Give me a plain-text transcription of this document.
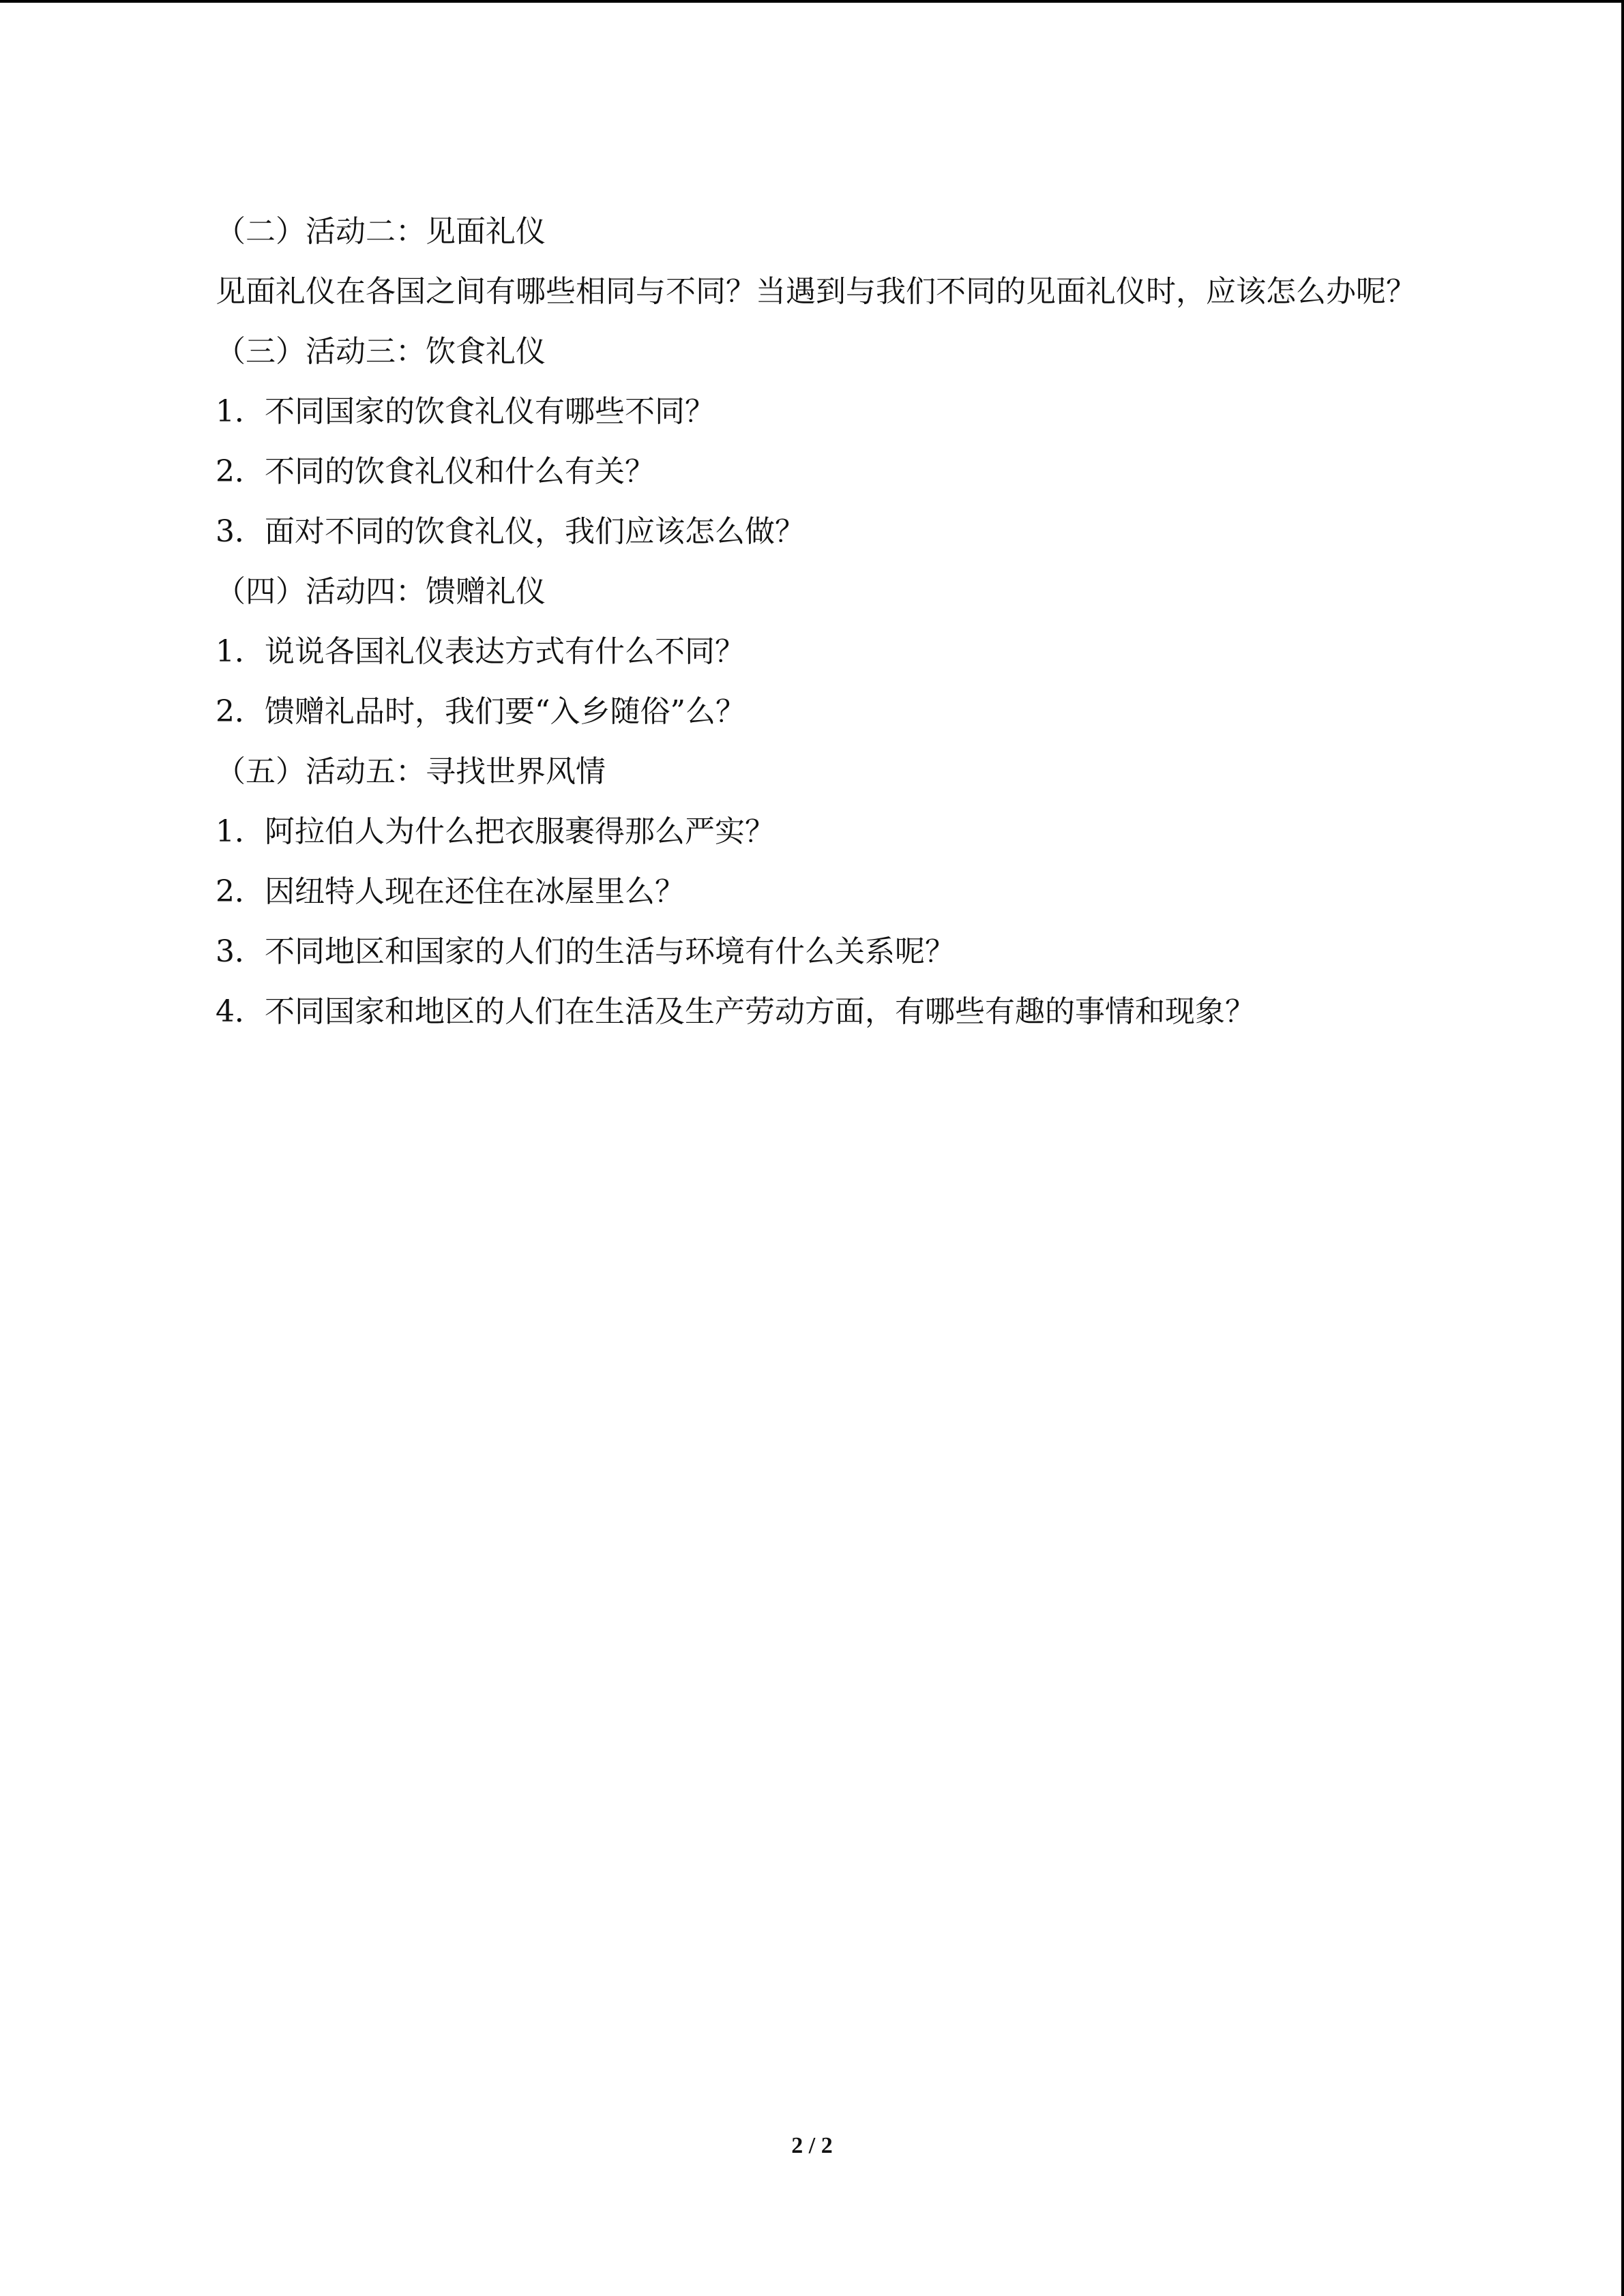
（二）活动二：见面礼仪

见面礼仪在各国之间有哪些相同与不同？当遇到与我们不同的见面礼仪时，应该怎么办呢？

（三）活动三：饮食礼仪
1．不同国家的饮食礼仪有哪些不同？
2．不同的饮食礼仪和什么有关？
3．面对不同的饮食礼仪，我们应该怎么做？
（四）活动四：馈赠礼仪
1．说说各国礼仪表达方式有什么不同？
2．馈赠礼品时，我们要“入乡随俗”么？
（五）活动五：寻找世界风情
1．阿拉伯人为什么把衣服裹得那么严实？
2．因纽特人现在还住在冰屋里么？
3．不同地区和国家的人们的生活与环境有什么关系呢？
4．不同国家和地区的人们在生活及生产劳动方面，有哪些有趣的事情和现象？
2 / 2
